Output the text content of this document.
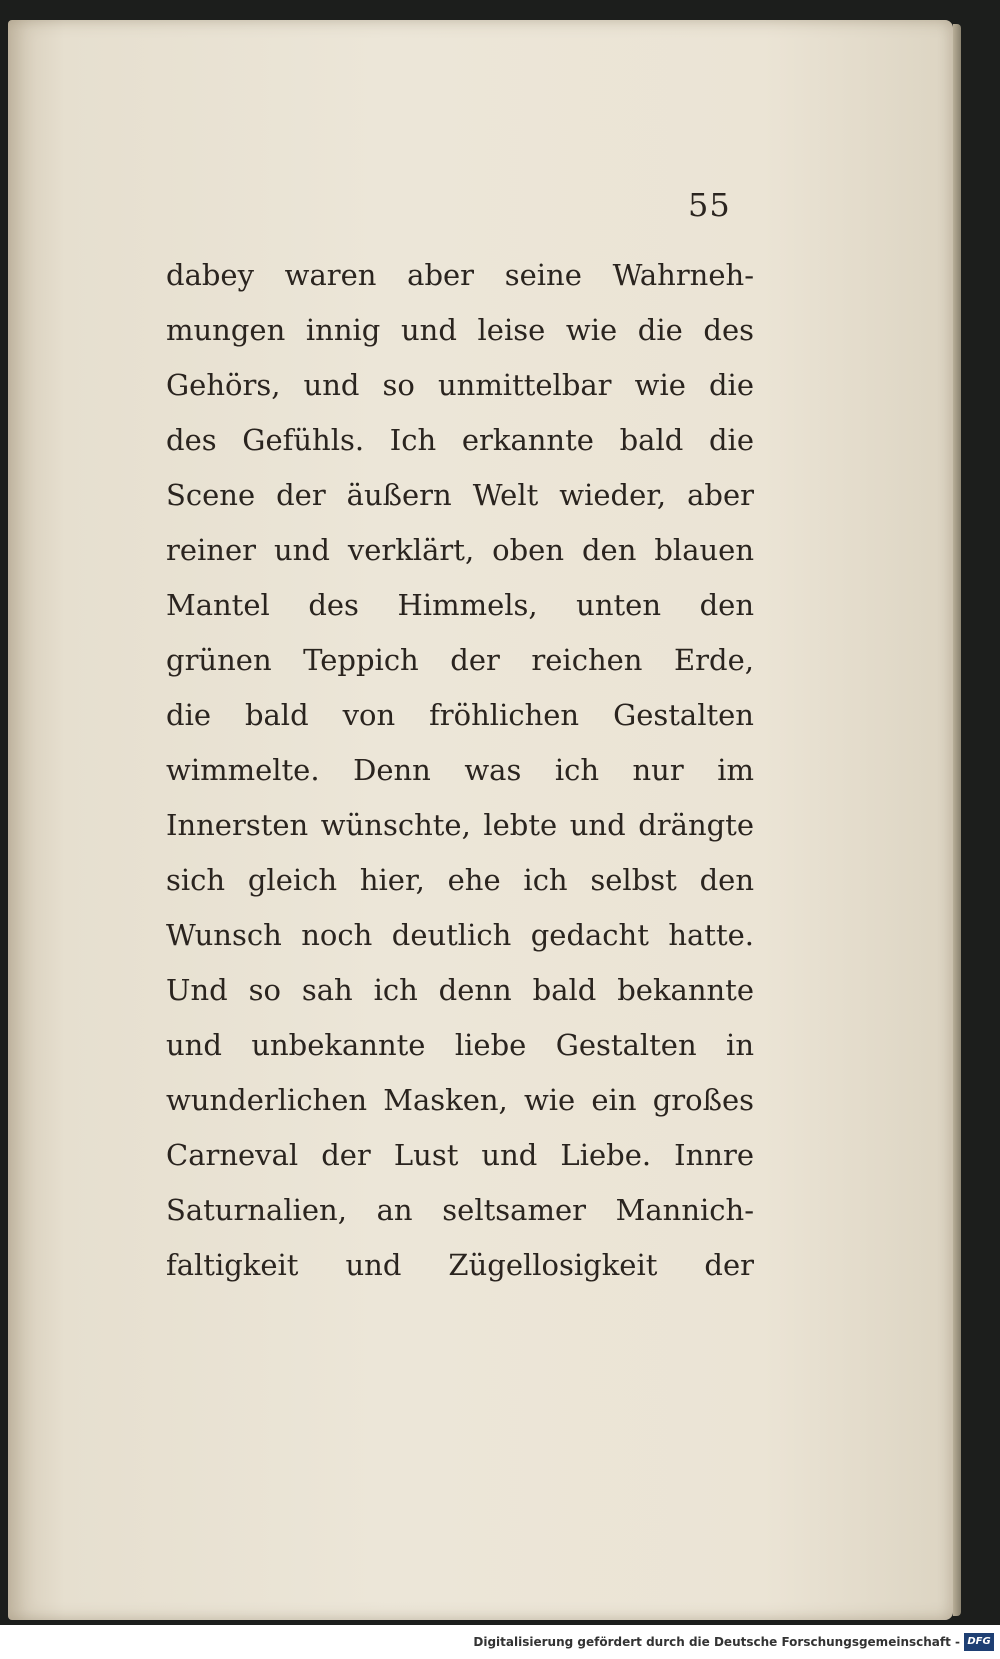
55
dabey waren aber seine Wahrneh-
mungen innig und leise wie die des
Gehörs, und so unmittelbar wie die
des Gefühls. Ich erkannte bald die
Scene der äußern Welt wieder, aber
reiner und verklärt, oben den blauen
Mantel des Himmels, unten den
grünen Teppich der reichen Erde,
die bald von fröhlichen Gestalten
wimmelte. Denn was ich nur im
Innersten wünschte, lebte und drängte
sich gleich hier, ehe ich selbst den
Wunsch noch deutlich gedacht hatte.
Und so sah ich denn bald bekannte
und unbekannte liebe Gestalten in
wunderlichen Masken, wie ein großes
Carneval der Lust und Liebe. Innre
Saturnalien, an seltsamer Mannich-
faltigkeit und Zügellosigkeit der
Digitalisierung gefördert durch die Deutsche Forschungsgemeinschaft - DFG
